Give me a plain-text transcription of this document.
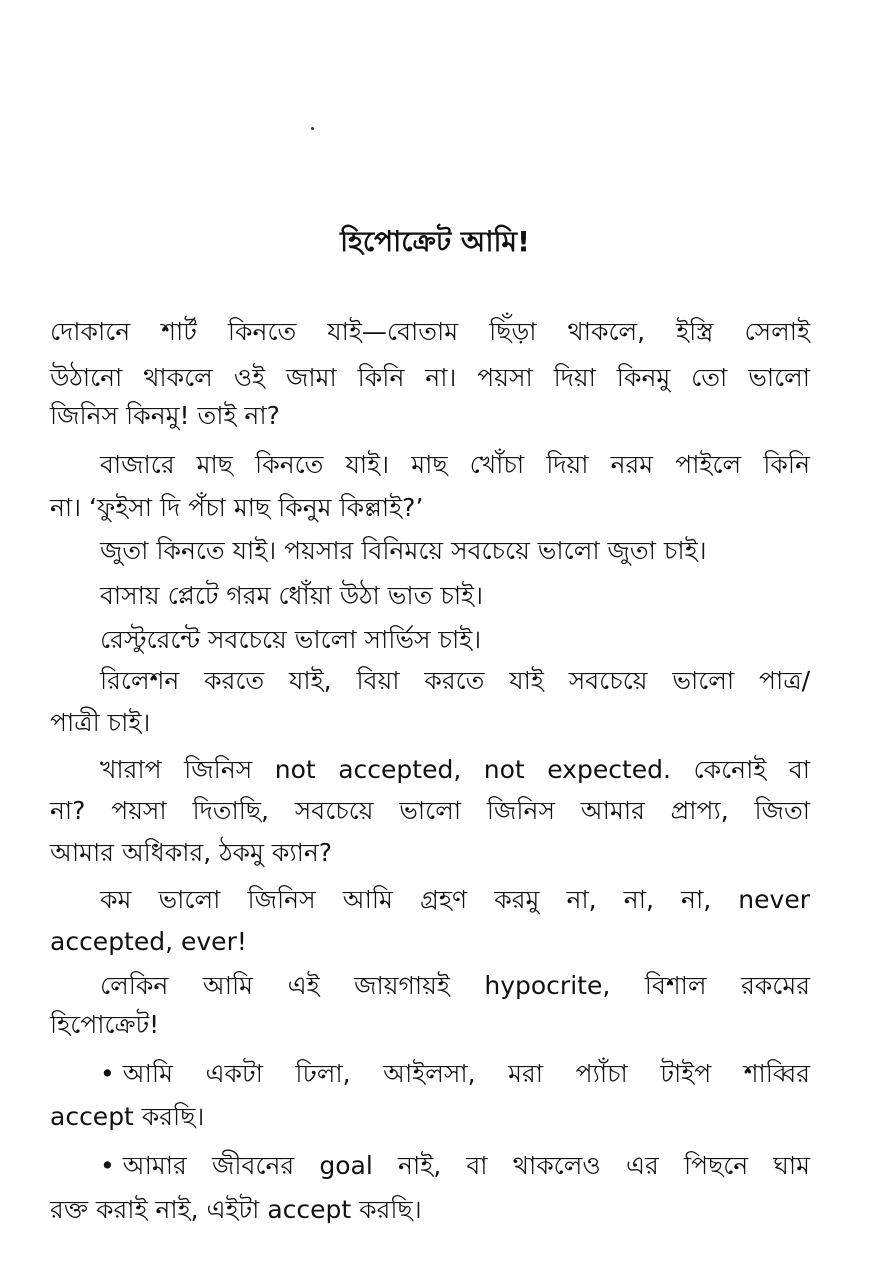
হিপোক্রেট আমি!
দোকানে শার্ট কিনতে যাই—বোতাম ছিঁড়া থাকলে, ইস্ত্রি সেলাই
উঠানো থাকলে ওই জামা কিনি না। পয়সা দিয়া কিনমু তো ভালো
জিনিস কিনমু! তাই না?
বাজারে মাছ কিনতে যাই। মাছ খোঁচা দিয়া নরম পাইলে কিনি
না। ‘ফুইসা দি পঁচা মাছ কিনুম কিল্লাই?’
জুতা কিনতে যাই। পয়সার বিনিময়ে সবচেয়ে ভালো জুতা চাই।
বাসায় প্লেটে গরম ধোঁয়া উঠা ভাত চাই।
রেস্টুরেন্টে সবচেয়ে ভালো সার্ভিস চাই।
রিলেশন করতে যাই, বিয়া করতে যাই সবচেয়ে ভালো পাত্র/
পাত্রী চাই।
খারাপ জিনিস not accepted, not expected. কেনোই বা
না? পয়সা দিতাছি, সবচেয়ে ভালো জিনিস আমার প্রাপ্য, জিতা
আমার অধিকার, ঠকমু ক্যান?
কম ভালো জিনিস আমি গ্রহণ করমু না, না, না, never
accepted, ever!
লেকিন আমি এই জায়গায়ই hypocrite, বিশাল রকমের
হিপোক্রেট!
• আমি একটা ঢিলা, আইলসা, মরা প্যাঁচা টাইপ শাব্বির
accept করছি।
• আমার জীবনের goal নাই, বা থাকলেও এর পিছনে ঘাম
রক্ত করাই নাই, এইটা accept করছি।
